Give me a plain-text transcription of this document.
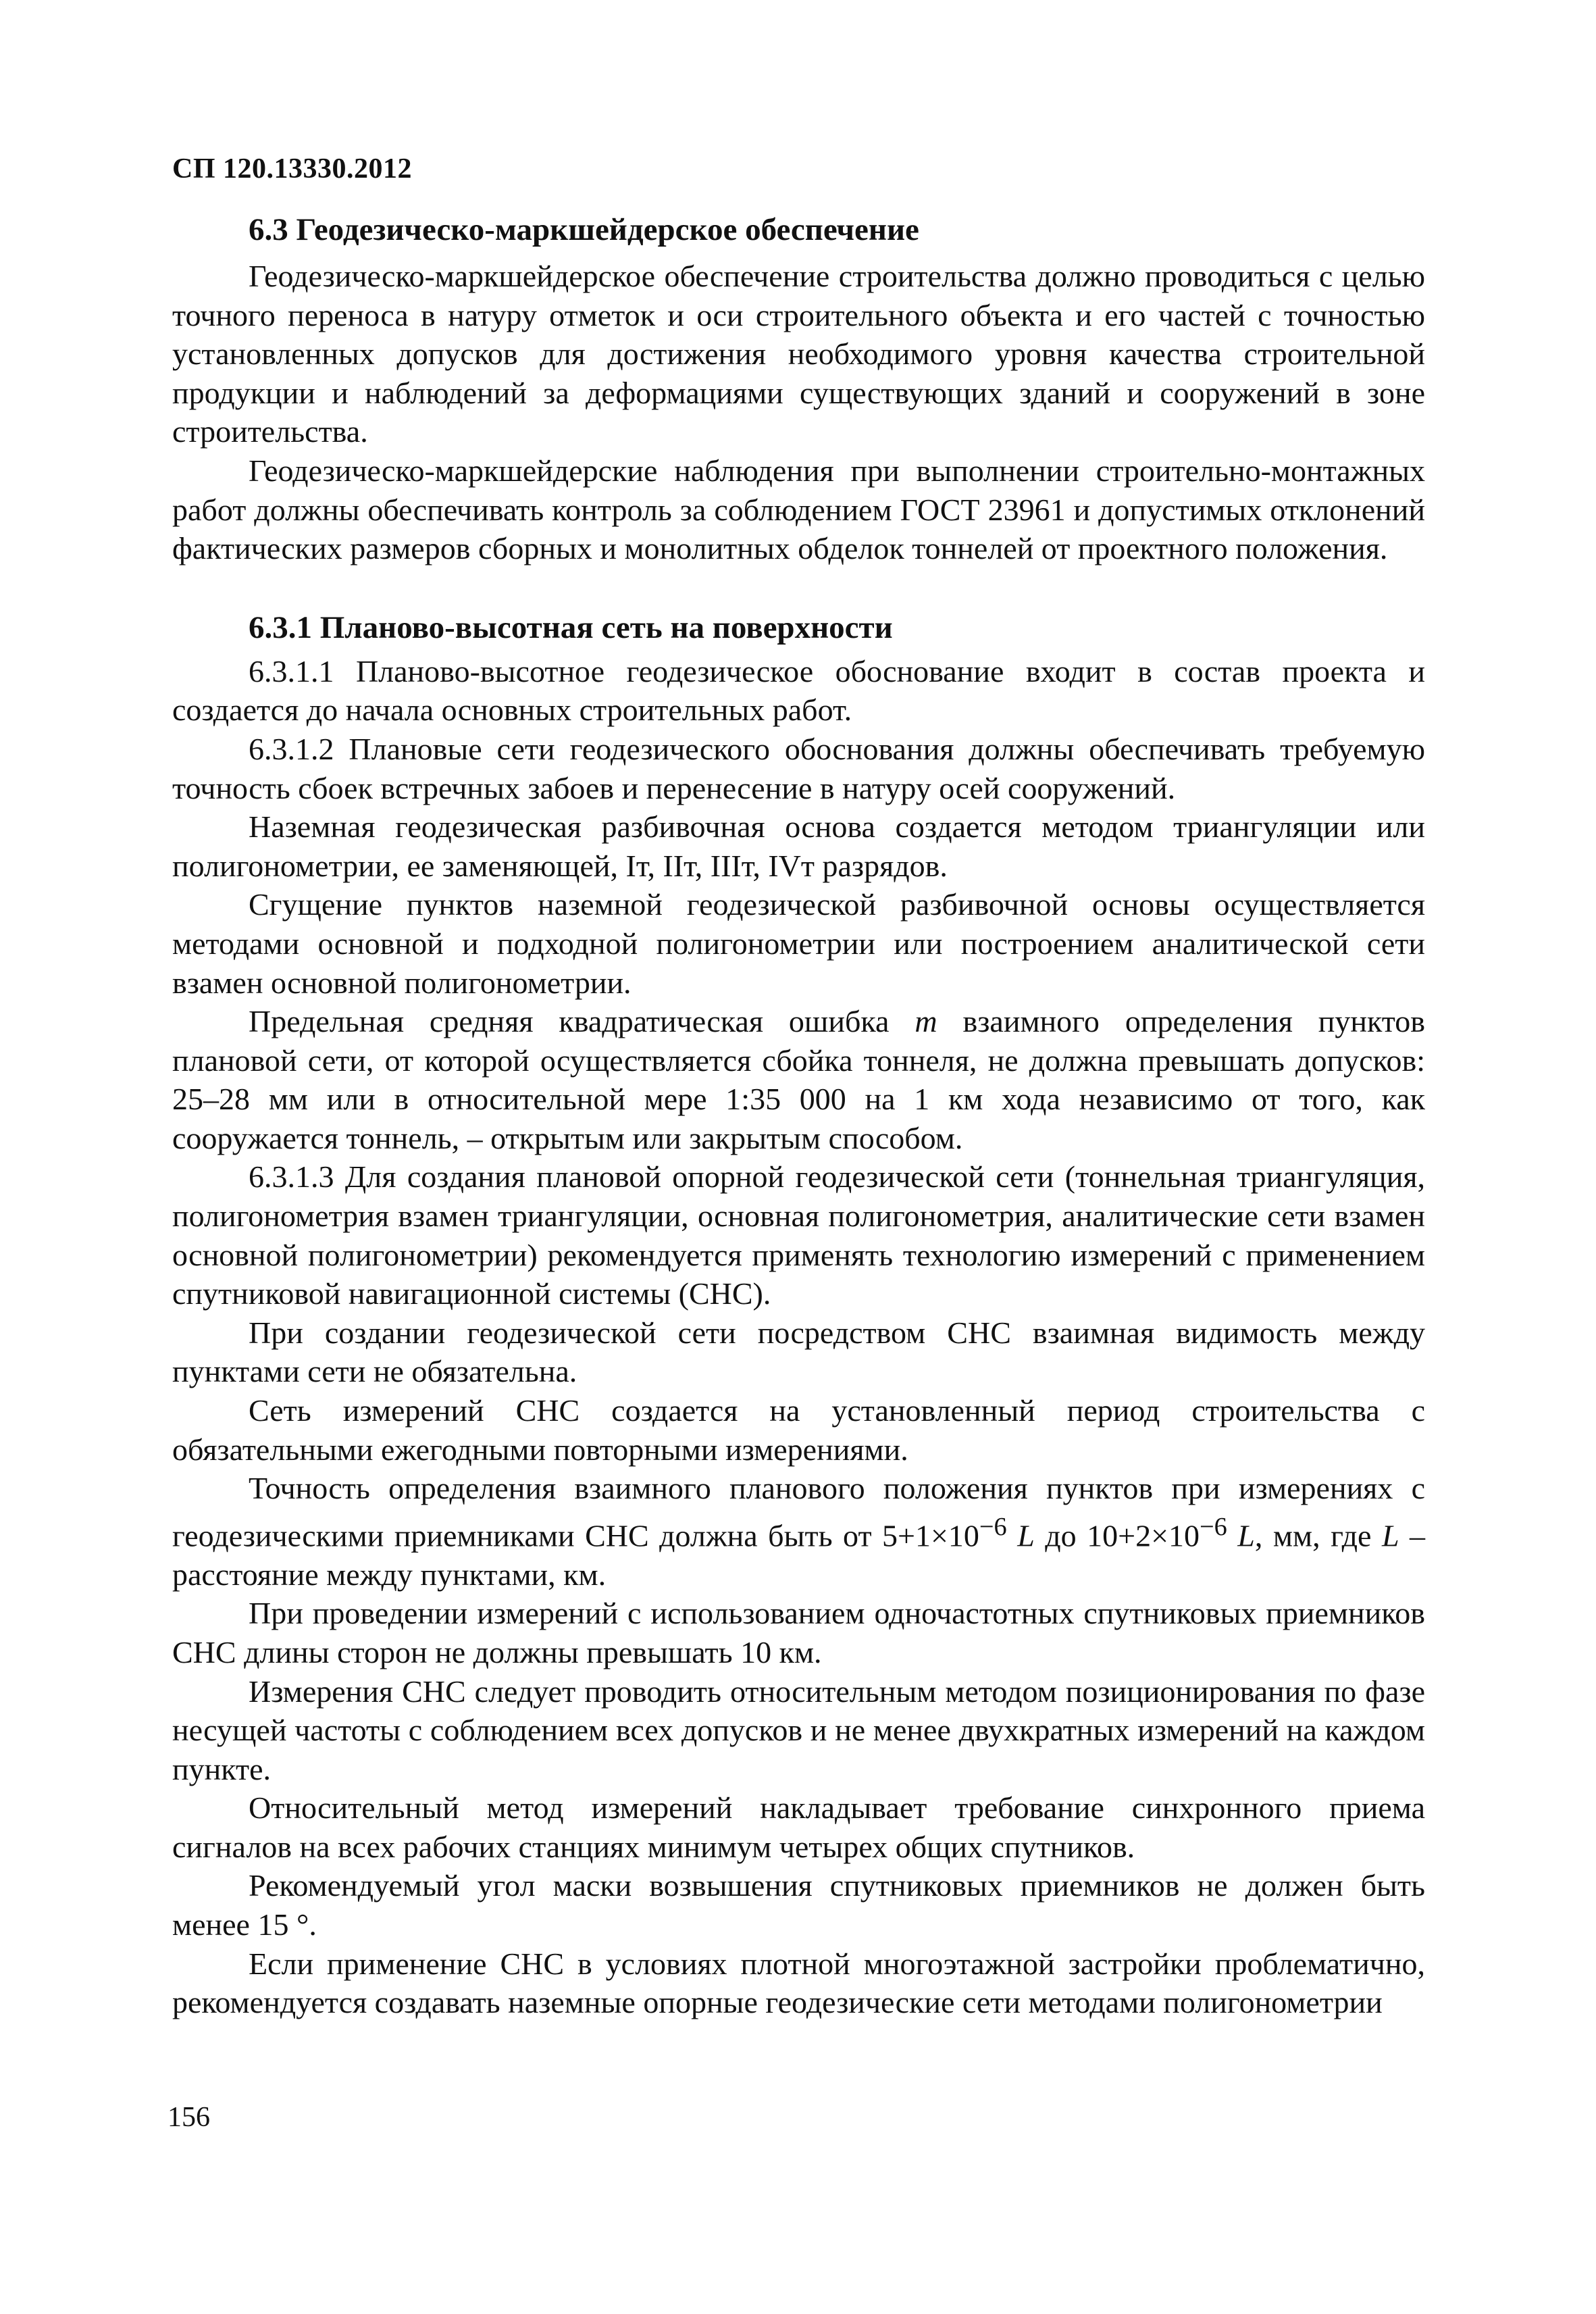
СП 120.13330.2012
6.3 Геодезическо-маркшейдерское обеспечение

Геодезическо-маркшейдерское обеспечение строительства должно проводиться с целью точного переноса в натуру отметок и оси строительного объекта и его частей с точностью установленных допусков для достижения необходимого уровня качества строительной продукции и наблюдений за деформациями существующих зданий и сооружений в зоне строительства.

Геодезическо-маркшейдерские наблюдения при выполнении строительно-монтажных работ должны обеспечивать контроль за соблюдением ГОСТ 23961 и допустимых отклонений фактических размеров сборных и монолитных обделок тоннелей от проектного положения.

6.3.1 Планово-высотная сеть на поверхности

6.3.1.1 Планово-высотное геодезическое обоснование входит в состав проекта и создается до начала основных строительных работ.

6.3.1.2 Плановые сети геодезического обоснования должны обеспечивать требуемую точность сбоек встречных забоев и перенесение в натуру осей сооружений.

Наземная геодезическая разбивочная основа создается методом триангуляции или полигонометрии, ее заменяющей, Iт, IIт, IIIт, IVт разрядов.

Сгущение пунктов наземной геодезической разбивочной основы осуществляется методами основной и подходной полигонометрии или построением аналитической сети взамен основной полигонометрии.

Предельная средняя квадратическая ошибка m взаимного определения пунктов плановой сети, от которой осуществляется сбойка тоннеля, не должна превышать допусков: 25–28 мм или в относительной мере 1:35 000 на 1 км хода независимо от того, как сооружается тоннель, – открытым или закрытым способом.

6.3.1.3 Для создания плановой опорной геодезической сети (тоннельная триангуляция, полигонометрия взамен триангуляции, основная полигонометрия, аналитические сети взамен основной полигонометрии) рекомендуется применять технологию измерений с применением спутниковой навигационной системы (СНС).

При создании геодезической сети посредством СНС взаимная видимость между пунктами сети не обязательна.

Сеть измерений СНС создается на установленный период строительства с обязательными ежегодными повторными измерениями.

Точность определения взаимного планового положения пунктов при измерениях с геодезическими приемниками СНС должна быть от $5+1\times 10^{-6}$ L до $10+2\times 10^{-6}$ L, мм, где L – расстояние между пунктами, км.

При проведении измерений с использованием одночастотных спутниковых приемников СНС длины сторон не должны превышать 10 км.

Измерения СНС следует проводить относительным методом позиционирования по фазе несущей частоты с соблюдением всех допусков и не менее двухкратных измерений на каждом пункте.

Относительный метод измерений накладывает требование синхронного приема сигналов на всех рабочих станциях минимум четырех общих спутников.

Рекомендуемый угол маски возвышения спутниковых приемников не должен быть менее 15 °.

Если применение СНС в условиях плотной многоэтажной застройки проблематично, рекомендуется создавать наземные опорные геодезические сети методами полигонометрии

156
